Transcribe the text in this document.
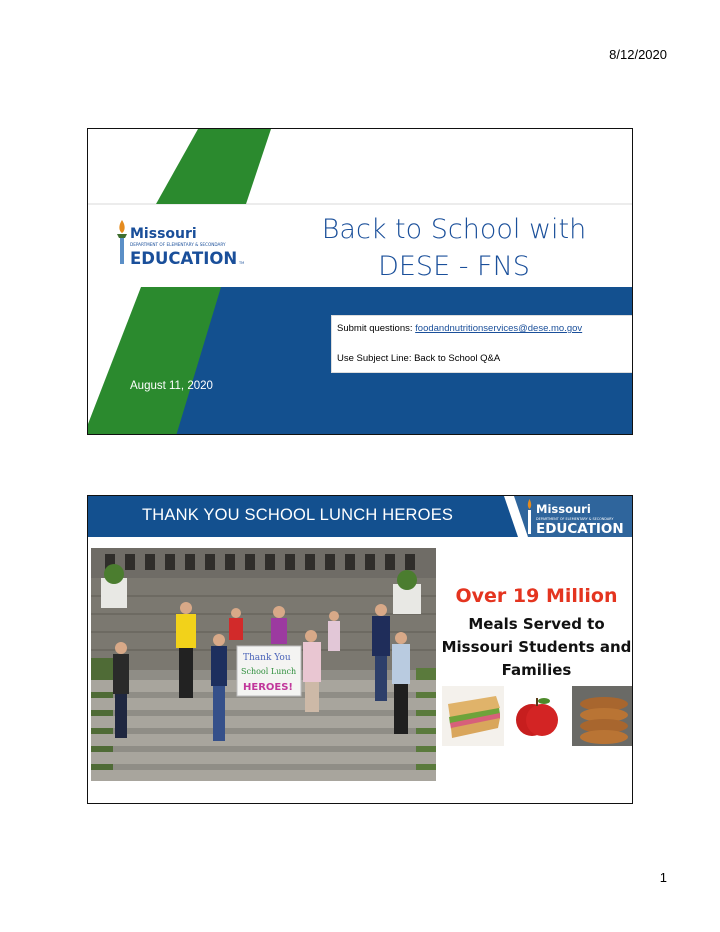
8/12/2020
Missouri
DEPARTMENT OF ELEMENTARY & SECONDARY
EDUCATION TM
Back to School with
DESE - FNS
Submit questions: foodandnutritionservices@dese.mo.gov
Use Subject Line: Back to School Q&A
August 11, 2020
THANK YOU SCHOOL LUNCH HEROES	Missouri
DEPARTMENT OF ELEMENTARY & SECONDARY
EDUCATION
Thank You
School Lunch
HEROES!
Over 19 Million
Meals Served to
Missouri Students and
Families
1
